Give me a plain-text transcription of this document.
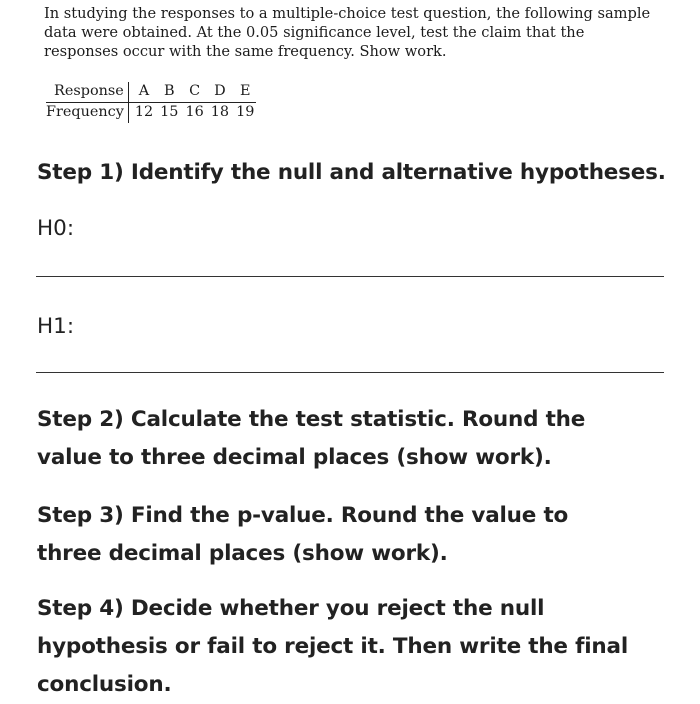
In studying the responses to a multiple-choice test question, the following sample data were obtained. At the 0.05 significance level, test the claim that the responses occur with the same frequency. Show work.
Response	A	B	C	D	E
Frequency	12	15	16	18	19
Step 1) Identify the null and alternative hypotheses.
H0:
H1:
Step 2) Calculate the test statistic. Round the value to three decimal places (show work).
Step 3) Find the p-value. Round the value to three decimal places (show work).
Step 4) Decide whether you reject the null hypothesis or fail to reject it. Then write the final conclusion.
